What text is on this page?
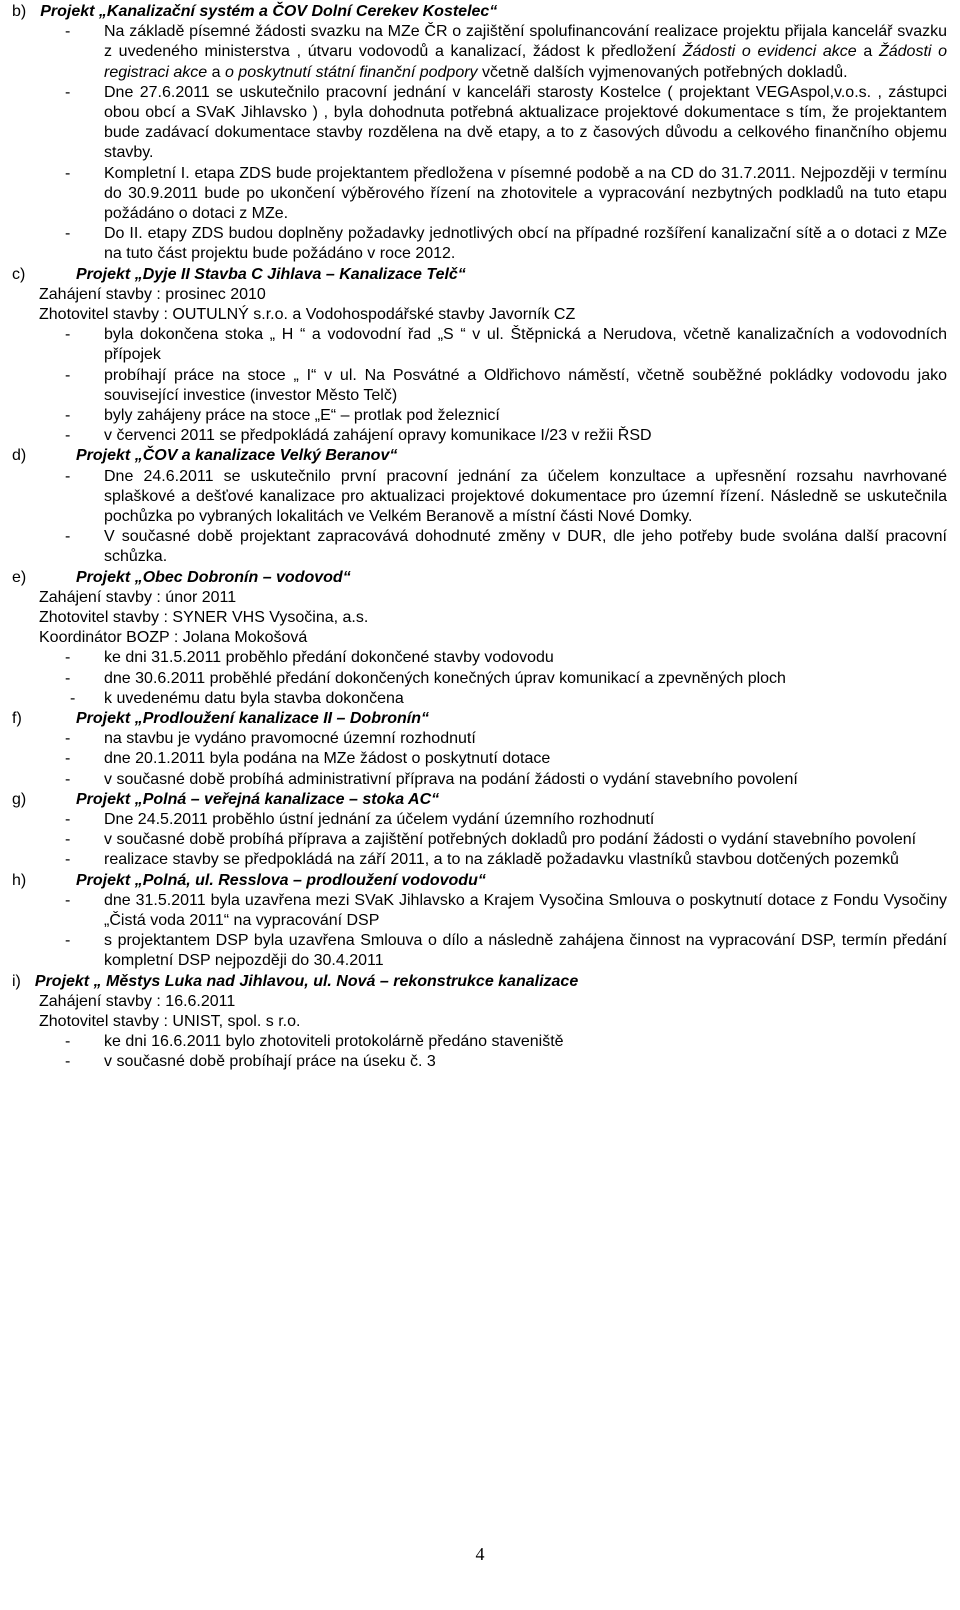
b) Projekt „Kanalizační systém a ČOV Dolní Cerekev Kostelec“
- Na základě písemné žádosti svazku na MZe ČR o zajištění spolufinancování realizace projektu přijala kancelář svazku z uvedeného ministerstva , útvaru vodovodů a kanalizací, žádost k předložení Žádosti o evidenci akce a Žádosti o registraci akce a o poskytnutí státní finanční podpory včetně dalších vyjmenovaných potřebných dokladů.
- Dne 27.6.2011 se uskutečnilo pracovní jednání v kanceláři starosty Kostelce ( projektant VEGAspol,v.o.s. , zástupci obou obcí a SVaK Jihlavsko ) , byla dohodnuta potřebná aktualizace projektové dokumentace s tím, že projektantem bude zadávací dokumentace stavby rozdělena na dvě etapy, a to z časových důvodu a celkového finančního objemu stavby.
- Kompletní I. etapa ZDS bude projektantem předložena v písemné podobě a na CD do 31.7.2011. Nejpozději v termínu do 30.9.2011 bude po ukončení výběrového řízení na zhotovitele a vypracování nezbytných podkladů na tuto etapu požádáno o dotaci z MZe.
- Do II. etapy ZDS budou doplněny požadavky jednotlivých obcí na případné rozšíření kanalizační sítě a o dotaci z MZe na tuto část projektu bude požádáno v roce 2012.
c)	Projekt „Dyje II Stavba C Jihlava – Kanalizace Telč“
Zahájení stavby : prosinec 2010
Zhotovitel stavby : OUTULNÝ s.r.o. a Vodohospodářské stavby Javorník CZ
- byla dokončena stoka „ H “ a vodovodní řad „S “ v ul. Štěpnická a Nerudova, včetně kanalizačních a vodovodních přípojek
- probíhají práce na stoce „ I“ v ul. Na Posvátné a Oldřichovo náměstí, včetně souběžné pokládky vodovodu jako související investice (investor Město Telč)
- byly zahájeny práce na stoce „E“ – protlak pod železnicí
- v červenci 2011 se předpokládá zahájení opravy komunikace I/23 v režii ŘSD
d)	Projekt „ČOV a kanalizace Velký Beranov“
- Dne 24.6.2011 se uskutečnilo první pracovní jednání za účelem konzultace a upřesnění rozsahu navrhované splaškové a dešťové kanalizace pro aktualizaci projektové dokumentace pro územní řízení. Následně se uskutečnila pochůzka po vybraných lokalitách ve Velkém Beranově a místní části Nové Domky.
- V současné době projektant zapracovává dohodnuté změny v DUR, dle jeho potřeby bude svolána další pracovní schůzka.
e)	Projekt „Obec Dobronín – vodovod“
Zahájení stavby : únor 2011
Zhotovitel stavby : SYNER VHS Vysočina, a.s.
Koordinátor BOZP : Jolana Mokošová
- ke dni 31.5.2011 proběhlo předání dokončené stavby vodovodu
- dne 30.6.2011 proběhlé předání dokončených konečných úprav komunikací a zpevněných ploch
- k uvedenému datu byla stavba dokončena
f)	Projekt „Prodloužení kanalizace II – Dobronín“
- na stavbu je vydáno pravomocné územní rozhodnutí
- dne 20.1.2011 byla podána na MZe žádost o poskytnutí dotace
- v současné době probíhá administrativní příprava na podání žádosti o vydání stavebního povolení
g)	Projekt „Polná – veřejná kanalizace – stoka AC“
- Dne 24.5.2011 proběhlo ústní jednání za účelem vydání územního rozhodnutí
- v současné době probíhá příprava a zajištění potřebných dokladů pro podání žádosti o vydání stavebního povolení
- realizace stavby se předpokládá na září 2011, a to na základě požadavku vlastníků stavbou dotčených pozemků
h)	Projekt „Polná, ul. Resslova – prodloužení vodovodu“
- dne 31.5.2011 byla uzavřena mezi SVaK Jihlavsko a Krajem Vysočina Smlouva o poskytnutí dotace z Fondu Vysočiny „Čistá voda 2011“ na vypracování DSP
- s projektantem DSP byla uzavřena Smlouva o dílo a následně zahájena činnost na vypracování DSP, termín předání kompletní DSP nejpozději do 30.4.2011
i) Projekt „ Městys Luka nad Jihlavou, ul. Nová – rekonstrukce kanalizace
Zahájení stavby : 16.6.2011
Zhotovitel stavby : UNIST, spol. s r.o.
- ke dni 16.6.2011 bylo zhotoviteli protokolárně předáno staveniště
- v současné době probíhají práce na úseku č. 3
4
